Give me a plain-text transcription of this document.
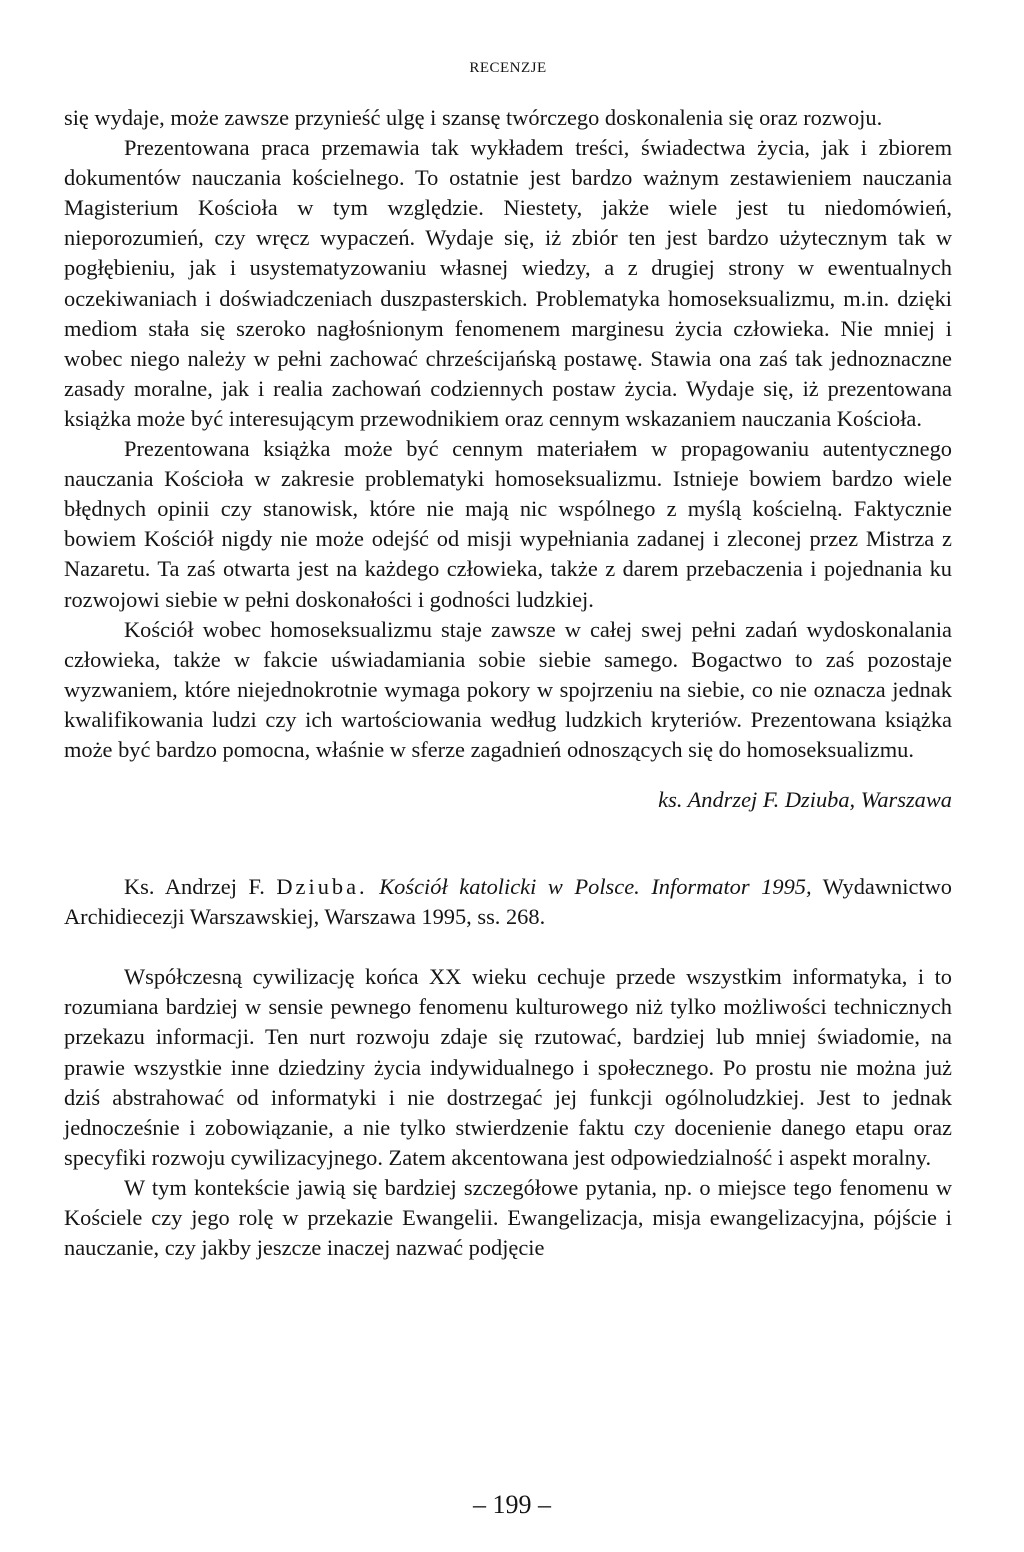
RECENZJE

się wydaje, może zawsze przynieść ulgę i szansę twórczego doskonalenia się oraz rozwoju.

Prezentowana praca przemawia tak wykładem treści, świadectwa życia, jak i zbiorem dokumentów nauczania kościelnego. To ostatnie jest bardzo ważnym zestawieniem nauczania Magisterium Kościoła w tym względzie. Niestety, jakże wiele jest tu niedomówień, nieporozumień, czy wręcz wypaczeń. Wydaje się, iż zbiór ten jest bardzo użytecznym tak w pogłębieniu, jak i usystematyzowaniu własnej wiedzy, a z drugiej strony w ewentualnych oczekiwaniach i doświadczeniach duszpasterskich. Problematyka homoseksualizmu, m.in. dzięki mediom stała się szeroko nagłośnionym fenomenem marginesu życia człowieka. Nie mniej i wobec niego należy w pełni zachować chrześcijańską postawę. Stawia ona zaś tak jednoznaczne zasady moralne, jak i realia zachowań codziennych postaw życia. Wydaje się, iż prezentowana książka może być interesującym przewodnikiem oraz cennym wskazaniem nauczania Kościoła.

Prezentowana książka może być cennym materiałem w propagowaniu autentycznego nauczania Kościoła w zakresie problematyki homoseksualizmu. Istnieje bowiem bardzo wiele błędnych opinii czy stanowisk, które nie mają nic wspólnego z myślą kościelną. Faktycznie bowiem Kościół nigdy nie może odejść od misji wypełniania zadanej i zleconej przez Mistrza z Nazaretu. Ta zaś otwarta jest na każdego człowieka, także z darem przebaczenia i pojednania ku rozwojowi siebie w pełni doskonałości i godności ludzkiej.

Kościół wobec homoseksualizmu staje zawsze w całej swej pełni zadań wydoskonalania człowieka, także w fakcie uświadamiania sobie siebie samego. Bogactwo to zaś pozostaje wyzwaniem, które niejednokrotnie wymaga pokory w spojrzeniu na siebie, co nie oznacza jednak kwalifikowania ludzi czy ich wartościowania według ludzkich kryteriów. Prezentowana książka może być bardzo pomocna, właśnie w sferze zagadnień odnoszących się do homoseksualizmu.

ks. Andrzej F. Dziuba, Warszawa

Ks. Andrzej F. Dziuba. Kościół katolicki w Polsce. Informator 1995, Wydawnictwo Archidiecezji Warszawskiej, Warszawa 1995, ss. 268.

Współczesną cywilizację końca XX wieku cechuje przede wszystkim informatyka, i to rozumiana bardziej w sensie pewnego fenomenu kulturowego niż tylko możliwości technicznych przekazu informacji. Ten nurt rozwoju zdaje się rzutować, bardziej lub mniej świadomie, na prawie wszystkie inne dziedziny życia indywidualnego i społecznego. Po prostu nie można już dziś abstrahować od informatyki i nie dostrzegać jej funkcji ogólnoludzkiej. Jest to jednak jednocześnie i zobowiązanie, a nie tylko stwierdzenie faktu czy docenienie danego etapu oraz specyfiki rozwoju cywilizacyjnego. Zatem akcentowana jest odpowiedzialność i aspekt moralny.

W tym kontekście jawią się bardziej szczegółowe pytania, np. o miejsce tego fenomenu w Kościele czy jego rolę w przekazie Ewangelii. Ewangelizacja, misja ewangelizacyjna, pójście i nauczanie, czy jakby jeszcze inaczej nazwać podjęcie

– 199 –
